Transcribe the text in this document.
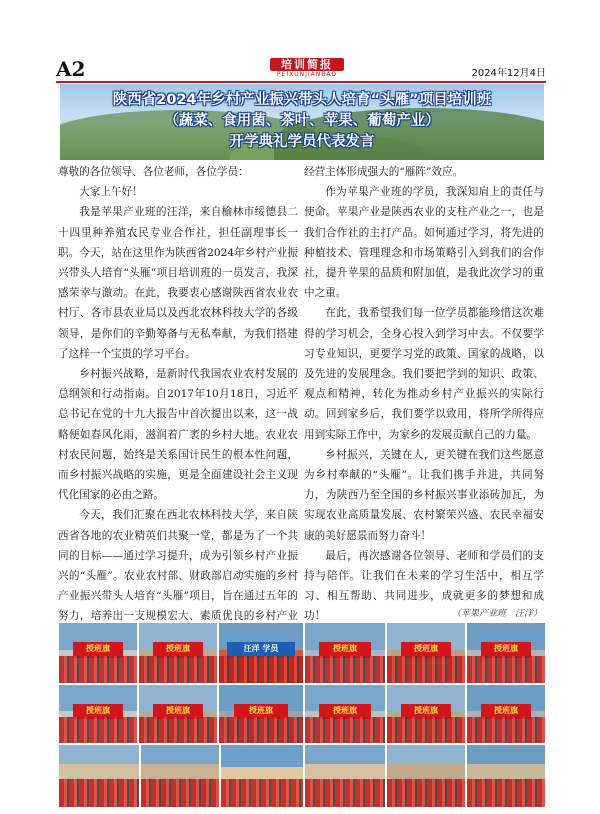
A2	培训简报
PEIXUNJIANBAO	2024年12月4日
陕西省2024年乡村产业振兴带头人培育“头雁”项目培训班
（蔬菜、食用菌、茶叶、苹果、葡萄产业）
开学典礼学员代表发言

尊敬的各位领导、各位老师，各位学员：

大家上午好！

我是苹果产业班的汪洋，来自榆林市绥德县二十四里种养殖农民专业合作社，担任副理事长一职。今天，站在这里作为陕西省2024年乡村产业振兴带头人培育“头雁”项目培训班的一员发言，我深感荣幸与激动。在此，我要衷心感谢陕西省农业农村厅、各市县农业局以及西北农林科技大学的各级领导，是你们的辛勤筹备与无私奉献，为我们搭建了这样一个宝贵的学习平台。

乡村振兴战略，是新时代我国农业农村发展的总纲领和行动指南。自2017年10月18日，习近平总书记在党的十九大报告中首次提出以来，这一战略便如春风化雨，滋润着广袤的乡村大地。农业农村农民问题，始终是关系国计民生的根本性问题，而乡村振兴战略的实施，更是全面建设社会主义现代化国家的必由之路。

今天，我们汇聚在西北农林科技大学，来自陕西省各地的农业精英们共聚一堂，都是为了一个共同的目标——通过学习提升，成为引领乡村产业振兴的“头雁”。农业农村部、财政部启动实施的乡村产业振兴带头人培育“头雁”项目，旨在通过五年的努力，培养出一支规模宏大、素质优良的乡村产业

经营主体形成强大的“雁阵”效应。

作为苹果产业班的学员，我深知肩上的责任与使命。苹果产业是陕西农业的支柱产业之一，也是我们合作社的主打产品。如何通过学习，将先进的种植技术、管理理念和市场策略引入到我们的合作社，提升苹果的品质和附加值，是我此次学习的重中之重。

在此，我希望我们每一位学员都能珍惜这次难得的学习机会，全身心投入到学习中去。不仅要学习专业知识，更要学习党的政策、国家的战略，以及先进的发展理念。我们要把学到的知识、政策、观点和精神，转化为推动乡村产业振兴的实际行动。回到家乡后，我们要学以致用，将所学所得应用到实际工作中，为家乡的发展贡献自己的力量。

乡村振兴，关键在人，更关键在我们这些愿意为乡村奉献的“头雁”。让我们携手并进，共同努力，为陕西乃至全国的乡村振兴事业添砖加瓦，为实现农业高质量发展、农村繁荣兴盛、农民幸福安康的美好愿景而努力奋斗！

最后，再次感谢各位领导、老师和学员们的支持与陪伴。让我们在未来的学习生活中，相互学习、相互帮助、共同进步，成就更多的梦想和成功！	（苹果产业班　汪洋）
授班旗	授班旗	汪洋 学员	授班旗	授班旗	授班旗
授班旗	授班旗	授班旗	授班旗	授班旗	授班旗
